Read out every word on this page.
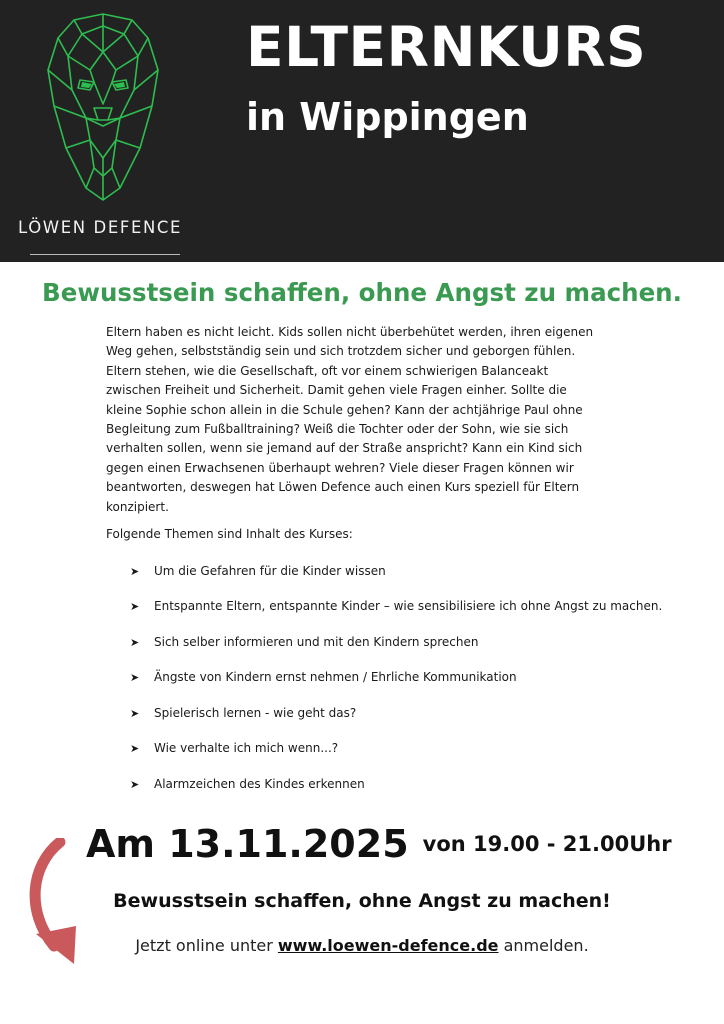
LÖWEN DEFENCE
ELTERNKURS
in Wippingen
Bewusstsein schaffen, ohne Angst zu machen.

Eltern haben es nicht leicht. Kids sollen nicht überbehütet werden, ihren eigenen Weg gehen, selbstständig sein und sich trotzdem sicher und geborgen fühlen. Eltern stehen, wie die Gesellschaft, oft vor einem schwierigen Balanceakt zwischen Freiheit und Sicherheit. Damit gehen viele Fragen einher. Sollte die kleine Sophie schon allein in die Schule gehen? Kann der achtjährige Paul ohne Begleitung zum Fußballtraining? Weiß die Tochter oder der Sohn, wie sie sich verhalten sollen, wenn sie jemand auf der Straße anspricht? Kann ein Kind sich gegen einen Erwachsenen überhaupt wehren? Viele dieser Fragen können wir beantworten, deswegen hat Löwen Defence auch einen Kurs speziell für Eltern konzipiert.

Folgende Themen sind Inhalt des Kurses:

➤ Um die Gefahren für die Kinder wissen
➤ Entspannte Eltern, entspannte Kinder – wie sensibilisiere ich ohne Angst zu machen.
➤ Sich selber informieren und mit den Kindern sprechen
➤ Ängste von Kindern ernst nehmen / Ehrliche Kommunikation
➤ Spielerisch lernen - wie geht das?
➤ Wie verhalte ich mich wenn...?
➤ Alarmzeichen des Kindes erkennen
Am 13.11.2025 von 19.00 - 21.00Uhr
Bewusstsein schaffen, ohne Angst zu machen!
Jetzt online unter www.loewen-defence.de anmelden.
